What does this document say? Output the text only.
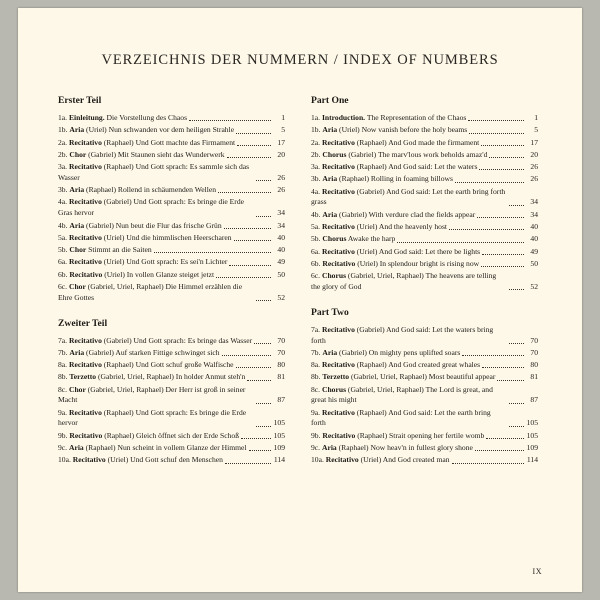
VERZEICHNIS DER NUMMERN / INDEX OF NUMBERS
Erster Teil
1a. Einleitung. Die Vorstellung des Chaos	1
1b. Aria (Uriel) Nun schwanden vor dem heiligen Strahle	5
2a. Recitativo (Raphael) Und Gott machte das Firmament	17
2b. Chor (Gabriel) Mit Staunen sieht das Wunderwerk	20
3a. Recitativo (Raphael) Und Gott sprach: Es sammle sich das Wasser	26
3b. Aria (Raphael) Rollend in schäumenden Wellen	26
4a. Recitativo (Gabriel) Und Gott sprach: Es bringe die Erde Gras hervor	34
4b. Aria (Gabriel) Nun beut die Flur das frische Grün	34
5a. Recitativo (Uriel) Und die himmlischen Heerscharen	40
5b. Chor Stimmt an die Saiten	40
6a. Recitativo (Uriel) Und Gott sprach: Es sei'n Lichter	49
6b. Recitativo (Uriel) In vollen Glanze steiget jetzt	50
6c. Chor (Gabriel, Uriel, Raphael) Die Himmel erzählen die Ehre Gottes	52
Zweiter Teil
7a. Recitativo (Gabriel) Und Gott sprach: Es bringe das Wasser	70
7b. Aria (Gabriel) Auf starken Fittige schwinget sich	70
8a. Recitativo (Raphael) Und Gott schuf große Walfische	80
8b. Terzetto (Gabriel, Uriel, Raphael) In holder Anmut steh'n	81
8c. Chor (Gabriel, Uriel, Raphael) Der Herr ist groß in seiner Macht	87
9a. Recitativo (Raphael) Und Gott sprach: Es bringe die Erde hervor	105
9b. Recitativo (Raphael) Gleich öffnet sich der Erde Schoß	105
9c. Aria (Raphael) Nun scheint in vollem Glanze der Himmel	109
10a. Recitativo (Uriel) Und Gott schuf den Menschen	114
Part One
1a. Introduction. The Representation of the Chaos	1
1b. Aria (Uriel) Now vanish before the holy beams	5
2a. Recitativo (Raphael) And God made the firmament	17
2b. Chorus (Gabriel) The marv'lous work beholds amaz'd	20
3a. Recitativo (Raphael) And God said: Let the waters	26
3b. Aria (Raphael) Rolling in foaming billows	26
4a. Recitativo (Gabriel) And God said: Let the earth bring forth grass	34
4b. Aria (Gabriel) With verdure clad the fields appear	34
5a. Recitativo (Uriel) And the heavenly host	40
5b. Chorus Awake the harp	40
6a. Recitativo (Uriel) And God said: Let there be lights	49
6b. Recitativo (Uriel) In splendour bright is rising now	50
6c. Chorus (Gabriel, Uriel, Raphael) The heavens are telling the glory of God	52
Part Two
7a. Recitativo (Gabriel) And God said: Let the waters bring forth	70
7b. Aria (Gabriel) On mighty pens uplifted soars	70
8a. Recitativo (Raphael) And God created great whales	80
8b. Terzetto (Gabriel, Uriel, Raphael) Most beautiful appear	81
8c. Chorus (Gabriel, Uriel, Raphael) The Lord is great, and great his might	87
9a. Recitativo (Raphael) And God said: Let the earth bring forth	105
9b. Recitativo (Raphael) Strait opening her fertile womb	105
9c. Aria (Raphael) Now heav'n in fullest glory shone	109
10a. Recitativo (Uriel) And God created man	114
IX
